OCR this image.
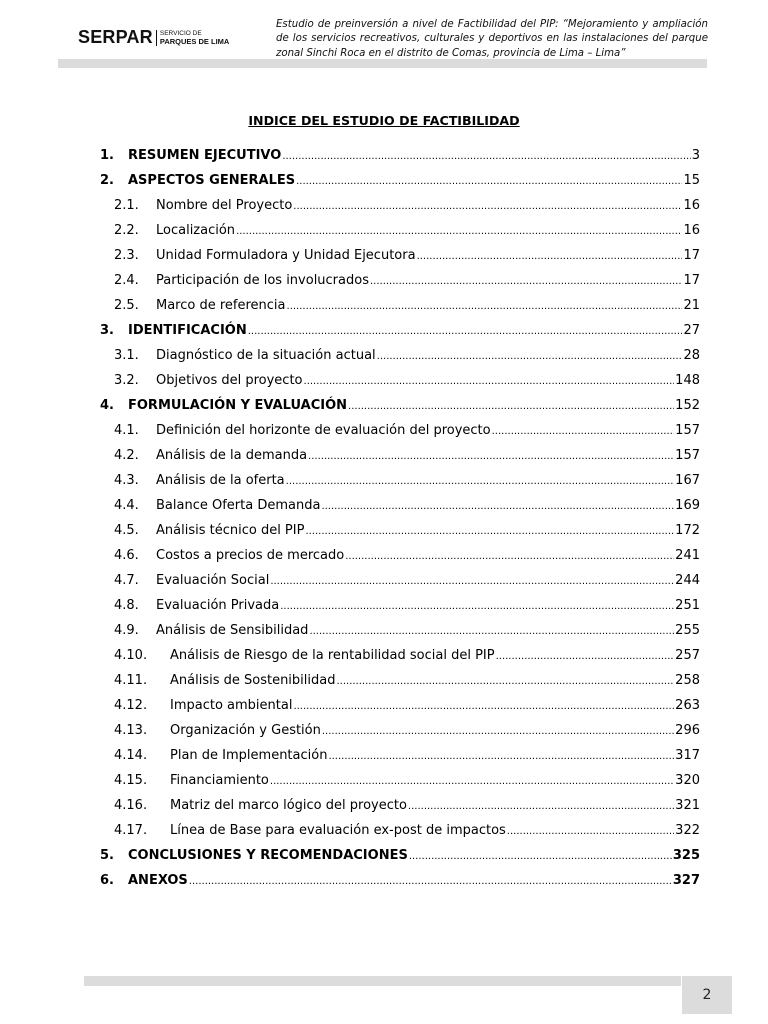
SERPAR SERVICIO DE
PARQUES DE LIMA
Estudio de preinversión a nivel de Factibilidad del PIP: “Mejoramiento y ampliación de los servicios recreativos, culturales y deportivos en las instalaciones del parque zonal Sinchi Roca en el distrito de Comas, provincia de Lima – Lima”
INDICE DEL ESTUDIO DE FACTIBILIDAD
1.	RESUMEN EJECUTIVO .....	3
2.	ASPECTOS GENERALES .....	15
2.1.	Nombre del Proyecto .....	16
2.2.	Localización .....	16
2.3.	Unidad Formuladora y Unidad Ejecutora .....	17
2.4.	Participación de los involucrados .....	17
2.5.	Marco de referencia .....	21
3.	IDENTIFICACIÓN .....	27
3.1.	Diagnóstico de la situación actual .....	28
3.2.	Objetivos del proyecto .....	148
4.	FORMULACIÓN Y EVALUACIÓN .....	152
4.1.	Definición del horizonte de evaluación del proyecto .....	157
4.2.	Análisis de la demanda .....	157
4.3.	Análisis de la oferta .....	167
4.4.	Balance Oferta Demanda .....	169
4.5.	Análisis técnico del PIP .....	172
4.6.	Costos a precios de mercado .....	241
4.7.	Evaluación Social .....	244
4.8.	Evaluación Privada .....	251
4.9.	Análisis de Sensibilidad .....	255
4.10.	Análisis de Riesgo de la rentabilidad social del PIP .....	257
4.11.	Análisis de Sostenibilidad .....	258
4.12.	Impacto ambiental .....	263
4.13.	Organización y Gestión .....	296
4.14.	Plan de Implementación .....	317
4.15.	Financiamiento .....	320
4.16.	Matriz del marco lógico del proyecto .....	321
4.17.	Línea de Base para evaluación ex-post de impactos .....	322
5.	CONCLUSIONES Y RECOMENDACIONES .....	325
6.	ANEXOS .....	327
2
